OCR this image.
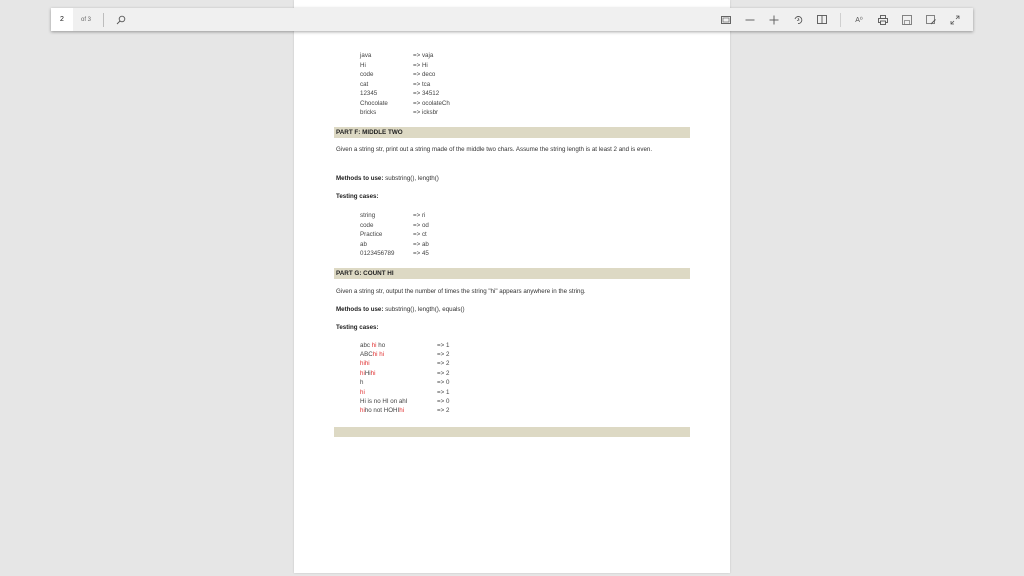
2	of 3	A⁰
java	=> vaja
Hi	=> Hi
code	=> deco
cat	=> tca
12345	=> 34512
Chocolate	=> ocolateCh
bricks	=> icksbr
PART F: MIDDLE TWO
Given a string str, print out a string made of the middle two chars. Assume the string length is at least 2 and is even.
Methods to use: substring(), length()
Testing cases:
string	=> ri
code	=> od
Practice	=> ct
ab	=> ab
0123456789	=> 45
PART G: COUNT HI
Given a string str, output the number of times the string "hi" appears anywhere in the string.
Methods to use: substring(), length(), equals()
Testing cases:
abc hi ho	=> 1
ABChi hi	=> 2
hihi	=> 2
hiHihi	=> 2
h	=> 0
hi	=> 1
Hi is no HI on ahI	=> 0
hiho not HOHIhi	=> 2
